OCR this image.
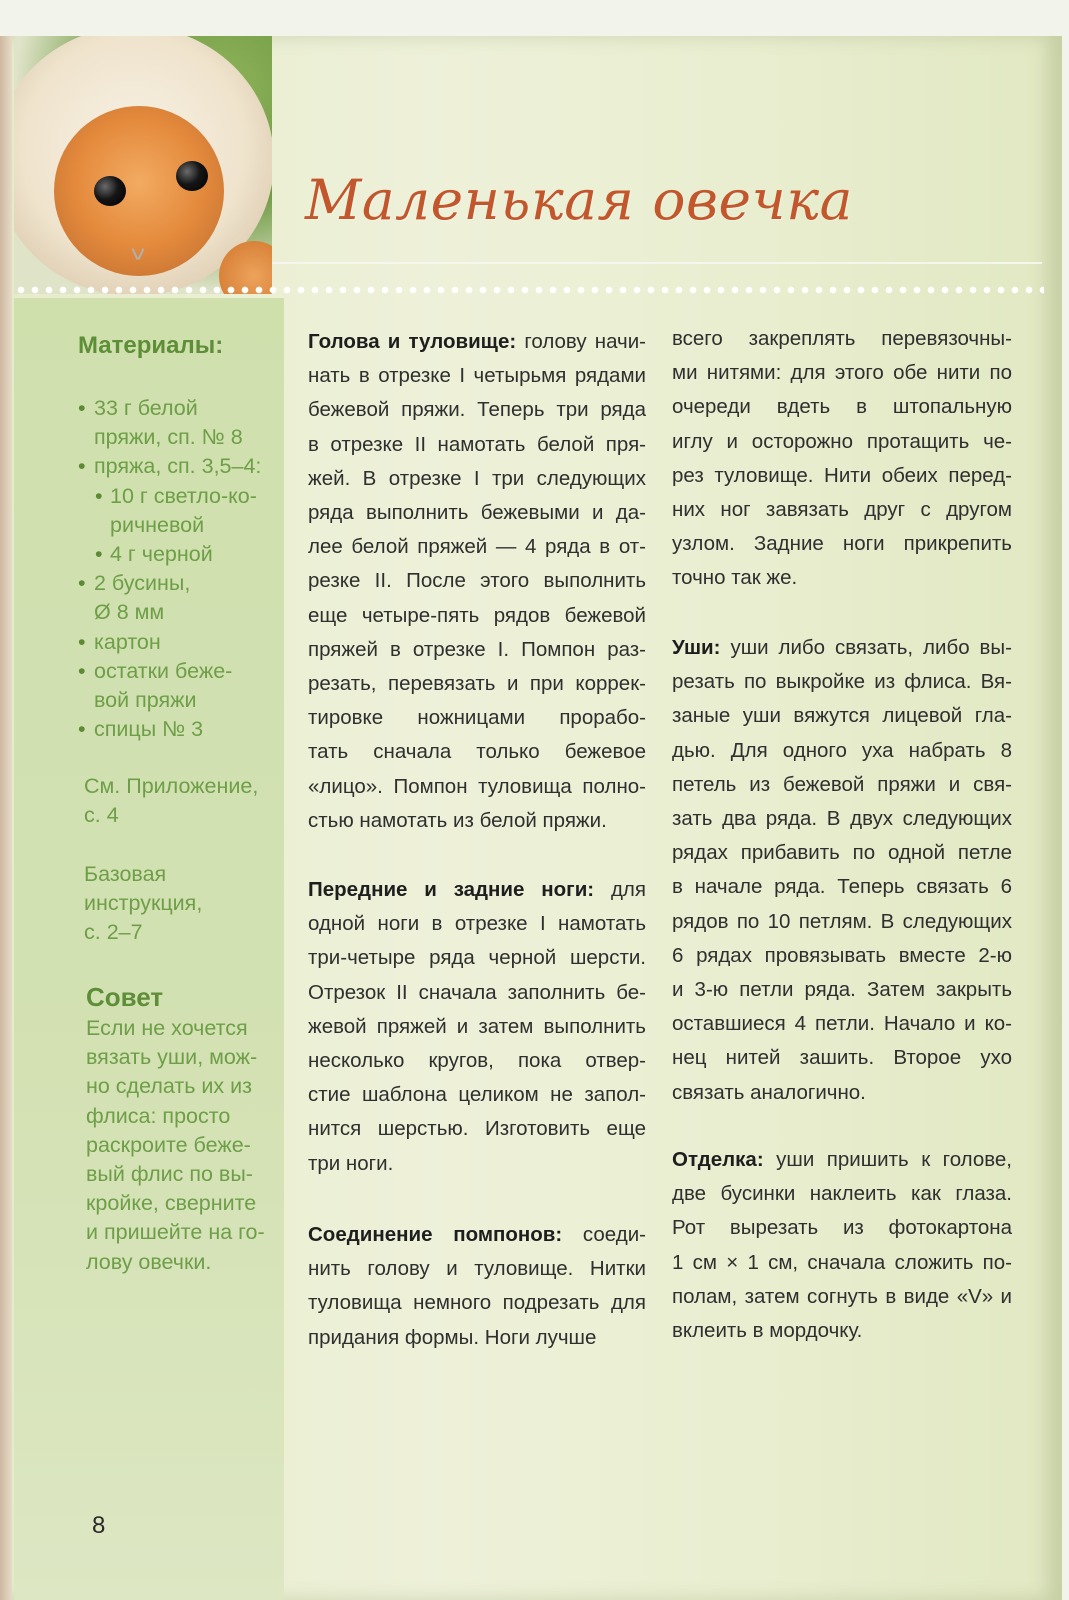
Маленькая овечка
Материалы:
• 33 г белой
пряжи, сп. № 8
• пряжа, сп. 3,5–4:
• 10 г светло-ко-
ричневой
• 4 г черной
• 2 бусины,
Ø 8 мм
• картон
• остатки беже-
вой пряжи
• спицы № 3

См. Приложение,
с. 4

Базовая
инструкция,
с. 2–7

Совет

Если не хочется
вязать уши, мож-
но сделать их из
флиса: просто
раскроите беже-
вый флис по вы-
кройке, сверните
и пришейте на го-
лову овечки.

Голова и туловище: голову начи-
нать в отрезке I четырьмя рядами
бежевой пряжи. Теперь три ряда
в отрезке II намотать белой пря-
жей. В отрезке I три следующих
ряда выполнить бежевыми и да-
лее белой пряжей — 4 ряда в от-
резке II. После этого выполнить
еще четыре-пять рядов бежевой
пряжей в отрезке I. Помпон раз-
резать, перевязать и при коррек-
тировке ножницами прорабо-
тать сначала только бежевое
«лицо». Помпон туловища полно-
стью намотать из белой пряжи.
Передние и задние ноги: для
одной ноги в отрезке I намотать
три-четыре ряда черной шерсти.
Отрезок II сначала заполнить бе-
жевой пряжей и затем выполнить
несколько кругов, пока отвер-
стие шаблона целиком не запол-
нится шерстью. Изготовить еще
три ноги.
Соединение помпонов: соеди-
нить голову и туловище. Нитки
туловища немного подрезать для
придания формы. Ноги лучше
всего закреплять перевязочны-
ми нитями: для этого обе нити по
очереди вдеть в штопальную
иглу и осторожно протащить че-
рез туловище. Нити обеих перед-
них ног завязать друг с другом
узлом. Задние ноги прикрепить
точно так же.
Уши: уши либо связать, либо вы-
резать по выкройке из флиса. Вя-
заные уши вяжутся лицевой гла-
дью. Для одного уха набрать 8
петель из бежевой пряжи и свя-
зать два ряда. В двух следующих
рядах прибавить по одной петле
в начале ряда. Теперь связать 6
рядов по 10 петлям. В следующих
6 рядах провязывать вместе 2-ю
и 3-ю петли ряда. Затем закрыть
оставшиеся 4 петли. Начало и ко-
нец нитей зашить. Второе ухо
связать аналогично.
Отделка: уши пришить к голове,
две бусинки наклеить как глаза.
Рот вырезать из фотокартона
1 см × 1 см, сначала сложить по-
полам, затем согнуть в виде «V» и
вклеить в мордочку.
8
